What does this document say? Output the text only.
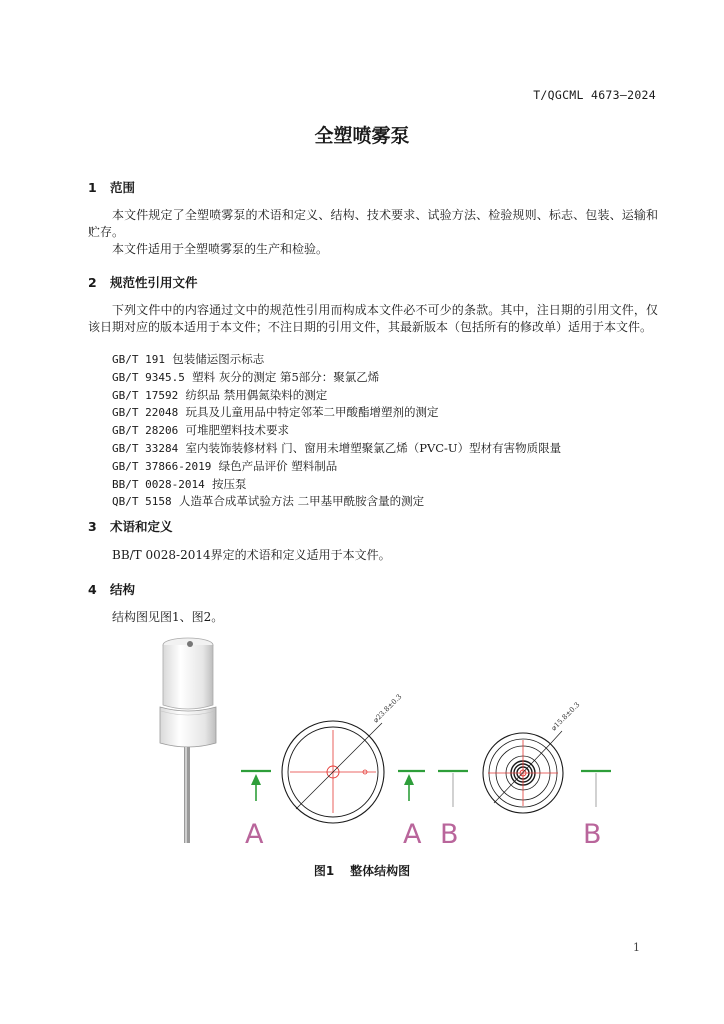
T/QGCML 4673—2024
全塑喷雾泵
1 范围
本文件规定了全塑喷雾泵的术语和定义、结构、技术要求、试验方法、检验规则、标志、包装、运输和贮存。
本文件适用于全塑喷雾泵的生产和检验。
2 规范性引用文件
下列文件中的内容通过文中的规范性引用而构成本文件必不可少的条款。其中，注日期的引用文件，仅该日期对应的版本适用于本文件；不注日期的引用文件，其最新版本（包括所有的修改单）适用于本文件。
GB/T 191 包装储运图示标志
GB/T 9345.5 塑料 灰分的测定 第5部分：聚氯乙烯
GB/T 17592 纺织品 禁用偶氮染料的测定
GB/T 22048 玩具及儿童用品中特定邻苯二甲酸酯增塑剂的测定
GB/T 28206 可堆肥塑料技术要求
GB/T 33284 室内装饰装修材料 门、窗用未增塑聚氯乙烯（PVC-U）型材有害物质限量
GB/T 37866-2019 绿色产品评价 塑料制品
BB/T 0028-2014 按压泵
QB/T 5158 人造革合成革试验方法 二甲基甲酰胺含量的测定
3 术语和定义
BB/T 0028-2014界定的术语和定义适用于本文件。
4 结构
结构图见图1、图2。
⌀23.8±0.3	⌀15.8±0.3
A	A B	B
图1 整体结构图
1
